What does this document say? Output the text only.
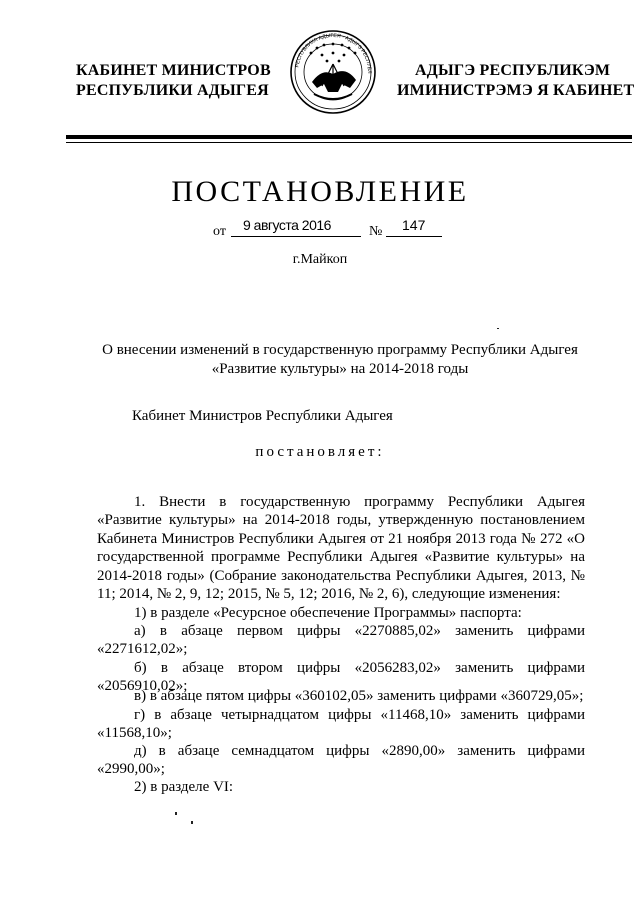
КАБИНЕТ МИНИСТРОВ
РЕСПУБЛИКИ АДЫГЕЯ
РЕСПУБЛИКА АДЫГЕЯ · АДЫГЭ РЕСПУБЛ	АДЫГЭ РЕСПУБЛИКЭМ
ИМИНИСТРЭМЭ Я КАБИНЕТ
ПОСТАНОВЛЕНИЕ
от 9 августа 2016	№ 147
г.Майкоп
О внесении изменений в государственную программу Республики Адыгея
«Развитие культуры» на 2014-2018 годы
Кабинет Министров Республики Адыгея
постановляет:

1. Внести в государственную программу Республики Адыгея «Развитие культуры» на 2014-2018 годы, утвержденную постановлением Кабинета Министров Республики Адыгея от 21 ноября 2013 года № 272 «О государственной программе Республики Адыгея «Развитие культуры» на 2014-2018 годы» (Собрание законодательства Республики Адыгея, 2013, № 11; 2014, № 2, 9, 12; 2015, № 5, 12; 2016, № 2, 6), следующие изменения:

1) в разделе «Ресурсное обеспечение Программы» паспорта:

а) в абзаце первом цифры «2270885,02» заменить цифрами «2271612,02»;

б) в абзаце втором цифры «2056283,02» заменить цифрами «2056910,02»;

в) в абзаце пятом цифры «360102,05» заменить цифрами «360729,05»;

г) в абзаце четырнадцатом цифры «11468,10» заменить цифрами «11568,10»;

д) в абзаце семнадцатом цифры «2890,00» заменить цифрами «2990,00»;

2) в разделе VI:
